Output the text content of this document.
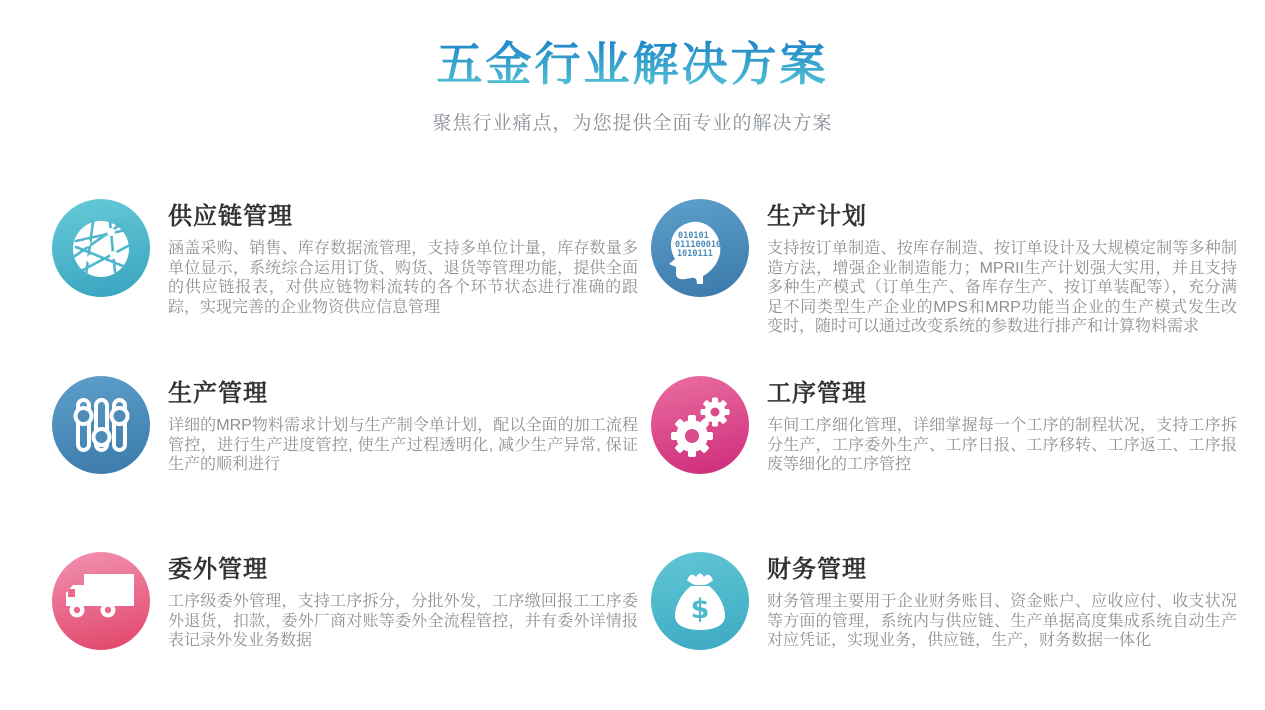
五金行业解决方案

聚焦行业痛点，为您提供全面专业的解决方案

供应链管理

涵盖采购、销售、库存数据流管理，支持多单位计量，库存数量多单位显示，系统综合运用订货、购货、退货等管理功能，提供全面的供应链报表，对供应链物料流转的各个环节状态进行准确的跟踪，实现完善的企业物资供应信息管理

010101
011100010
1010111
生产计划

支持按订单制造、按库存制造、按订单设计及大规模定制等多种制造方法，增强企业制造能力；MPRII生产计划强大实用，并且支持多种生产模式（订单生产、备库存生产、按订单装配等），充分满足不同类型生产企业的MPS和MRP功能当企业的生产模式发生改变时，随时可以通过改变系统的参数进行排产和计算物料需求

生产管理

详细的MRP物料需求计划与生产制令单计划，配以全面的加工流程管控，进行生产进度管控, 使生产过程透明化, 减少生产异常, 保证生产的顺利进行

工序管理

车间工序细化管理，详细掌握每一个工序的制程状况，支持工序拆分生产，工序委外生产、工序日报、工序移转、工序返工、工序报废等细化的工序管控

委外管理

工序级委外管理，支持工序拆分，分批外发，工序缴回报工工序委外退货，扣款，委外厂商对账等委外全流程管控，并有委外详情报表记录外发业务数据

$
财务管理

财务管理主要用于企业财务账目、资金账户、应收应付、收支状况等方面的管理，系统内与供应链、生产单据高度集成系统自动生产对应凭证，实现业务，供应链，生产，财务数据一体化
